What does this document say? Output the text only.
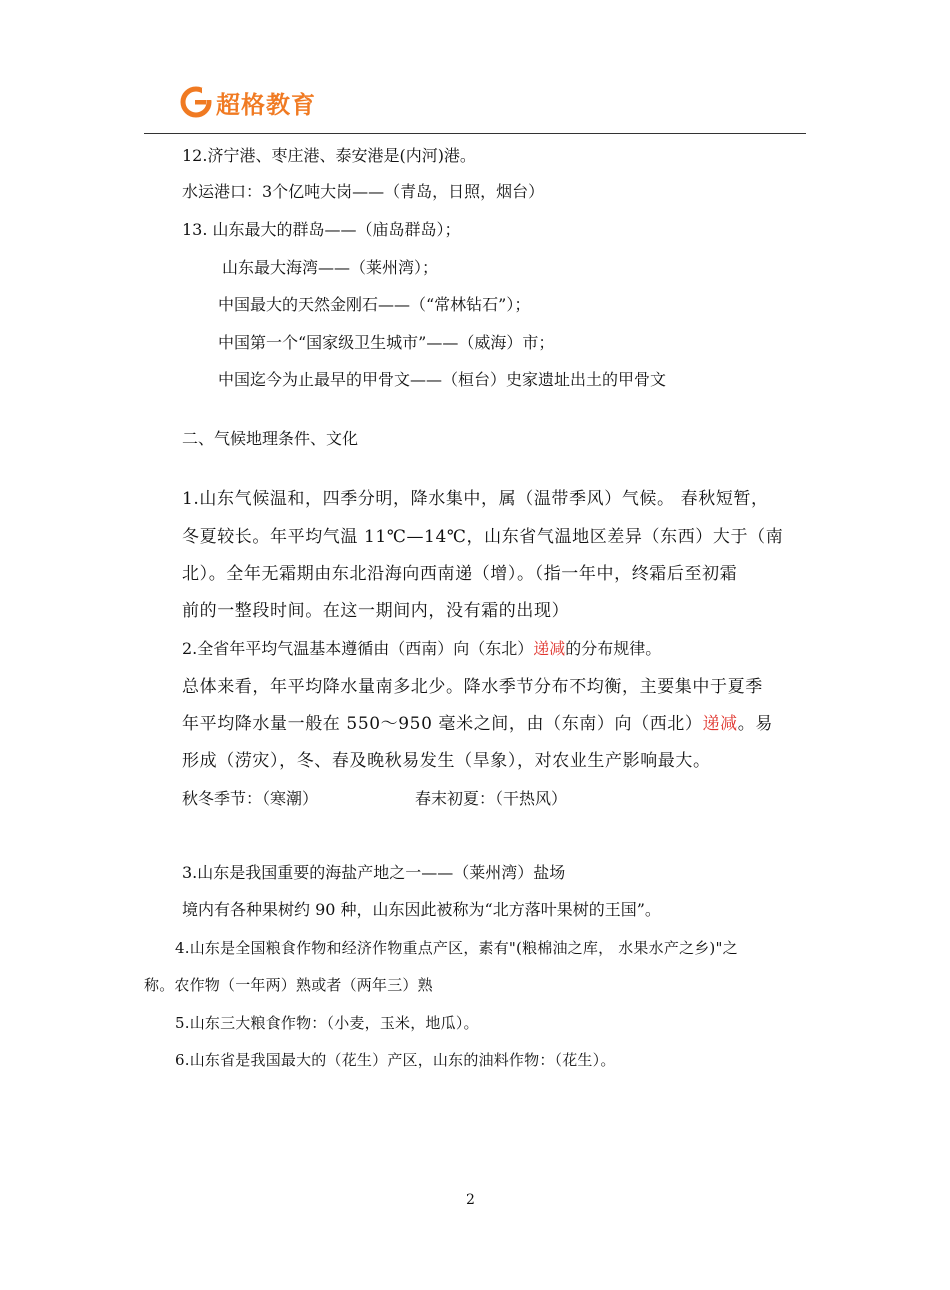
超格教育
12.济宁港、枣庄港、泰安港是(内河)港。
水运港口：3个亿吨大岗——（青岛，日照，烟台）
13. 山东最大的群岛——（庙岛群岛）；
山东最大海湾——（莱州湾）；
中国最大的天然金刚石——（“常林钻石”）；
中国第一个“国家级卫生城市”——（威海）市；
中国迄今为止最早的甲骨文——（桓台）史家遗址出土的甲骨文
二、气候地理条件、文化
1.山东气候温和，四季分明，降水集中，属（温带季风）气候。 春秋短暂，
冬夏较长。年平均气温 11℃—14℃，山东省气温地区差异（东西）大于（南
北）。全年无霜期由东北沿海向西南递（增）。（指一年中，终霜后至初霜
前的一整段时间。在这一期间内，没有霜的出现）
2.全省年平均气温基本遵循由（西南）向（东北）递减的分布规律。
总体来看，年平均降水量南多北少。降水季节分布不均衡，主要集中于夏季
年平均降水量一般在 550～950 毫米之间，由（东南）向（西北）递减。易
形成（涝灾），冬、春及晚秋易发生（旱象），对农业生产影响最大。
秋冬季节：（寒潮）	春末初夏：（干热风）
3.山东是我国重要的海盐产地之一——（莱州湾）盐场
境内有各种果树约 90 种，山东因此被称为“北方落叶果树的王国”。
4.山东是全国粮食作物和经济作物重点产区，素有"(粮棉油之库， 水果水产之乡)"之
称。农作物（一年两）熟或者（两年三）熟
5.山东三大粮食作物：（小麦，玉米，地瓜）。
6.山东省是我国最大的（花生）产区，山东的油料作物：（花生）。
2
